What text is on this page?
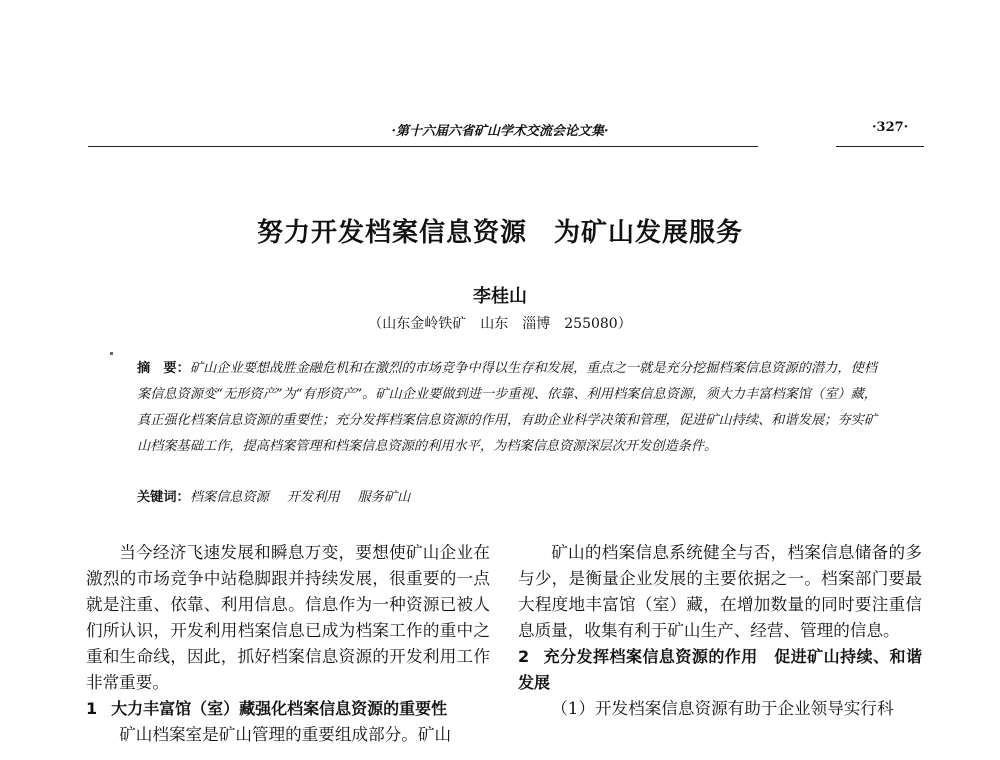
·第十六届六省矿山学术交流会论文集·	·327·
努力开发档案信息资源　为矿山发展服务
李桂山
（山东金岭铁矿　山东　淄博　255080）
摘　要：矿山企业要想战胜金融危机和在激烈的市场竞争中得以生存和发展，重点之一就是充分挖掘档案信息资源的潜力，使档案信息资源变“无形资产”为“有形资产”。矿山企业要做到进一步重视、依靠、利用档案信息资源，须大力丰富档案馆（室）藏，真正强化档案信息资源的重要性；充分发挥档案信息资源的作用，有助企业科学决策和管理，促进矿山持续、和谐发展；夯实矿山档案基础工作，提高档案管理和档案信息资源的利用水平，为档案信息资源深层次开发创造条件。
关键词：档案信息资源 开发利用 服务矿山

当今经济飞速发展和瞬息万变，要想使矿山企业在激烈的市场竞争中站稳脚跟并持续发展，很重要的一点就是注重、依靠、利用信息。信息作为一种资源已被人们所认识，开发利用档案信息已成为档案工作的重中之重和生命线，因此，抓好档案信息资源的开发利用工作非常重要。

1 大力丰富馆（室）藏强化档案信息资源的重要性

矿山档案室是矿山管理的重要组成部分。矿山

矿山的档案信息系统健全与否，档案信息储备的多与少，是衡量企业发展的主要依据之一。档案部门要最大程度地丰富馆（室）藏，在增加数量的同时要注重信息质量，收集有利于矿山生产、经营、管理的信息。

2 充分发挥档案信息资源的作用　促进矿山持续、和谐发展

（1）开发档案信息资源有助于企业领导实行科
